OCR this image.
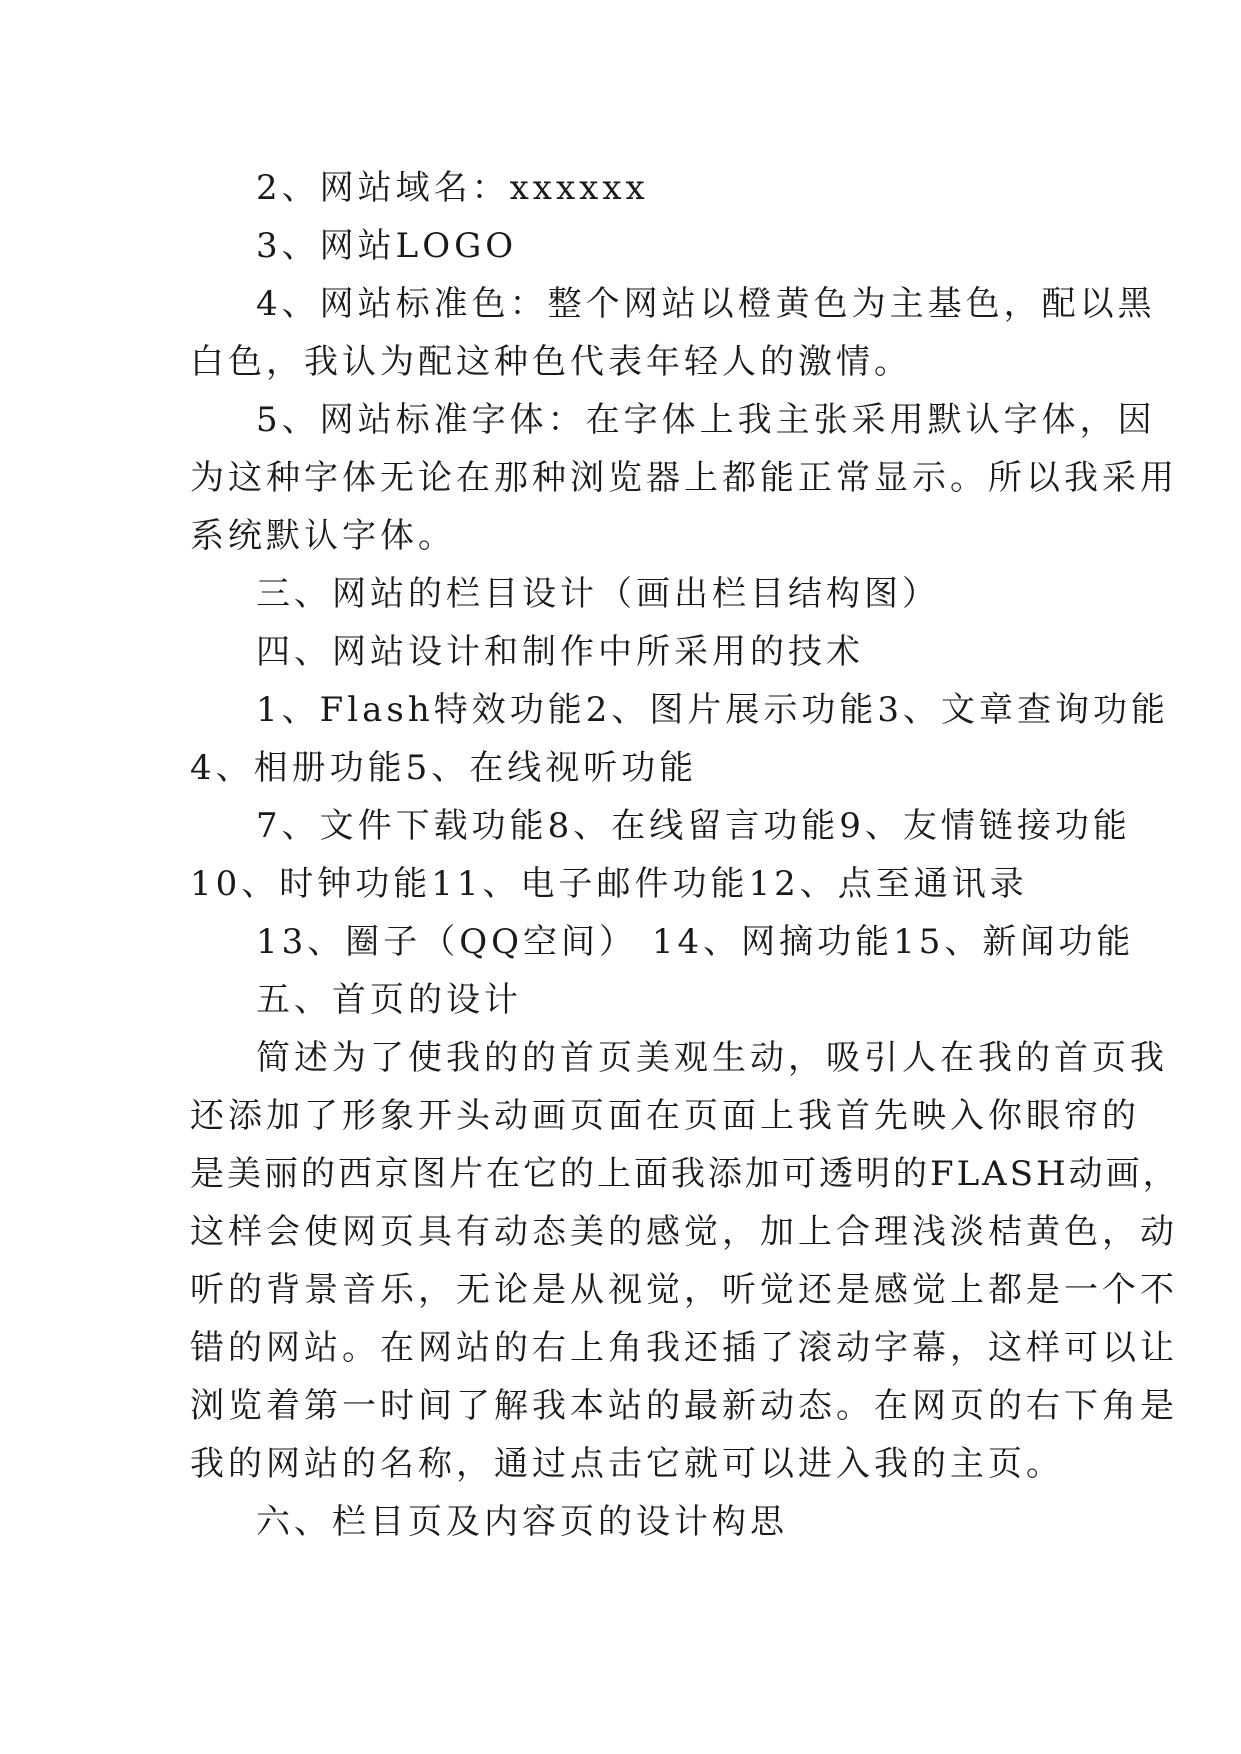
2、网站域名：xxxxxx

3、网站LOGO

4、网站标准色：整个网站以橙黄色为主基色，配以黑

白色，我认为配这种色代表年轻人的激情。

5、网站标准字体：在字体上我主张采用默认字体，因

为这种字体无论在那种浏览器上都能正常显示。所以我采用

系统默认字体。

三、网站的栏目设计（画出栏目结构图）

四、网站设计和制作中所采用的技术

1、Flash特效功能2、图片展示功能3、文章查询功能

4、相册功能5、在线视听功能

7、文件下载功能8、在线留言功能9、友情链接功能

10、时钟功能11、电子邮件功能12、点至通讯录

13、圈子（QQ空间） 14、网摘功能15、新闻功能

五、首页的设计

简述为了使我的的首页美观生动，吸引人在我的首页我

还添加了形象开头动画页面在页面上我首先映入你眼帘的

是美丽的西京图片在它的上面我添加可透明的FLASH动画，

这样会使网页具有动态美的感觉，加上合理浅淡桔黄色，动

听的背景音乐，无论是从视觉，听觉还是感觉上都是一个不

错的网站。在网站的右上角我还插了滚动字幕，这样可以让

浏览着第一时间了解我本站的最新动态。在网页的右下角是

我的网站的名称，通过点击它就可以进入我的主页。

六、栏目页及内容页的设计构思
